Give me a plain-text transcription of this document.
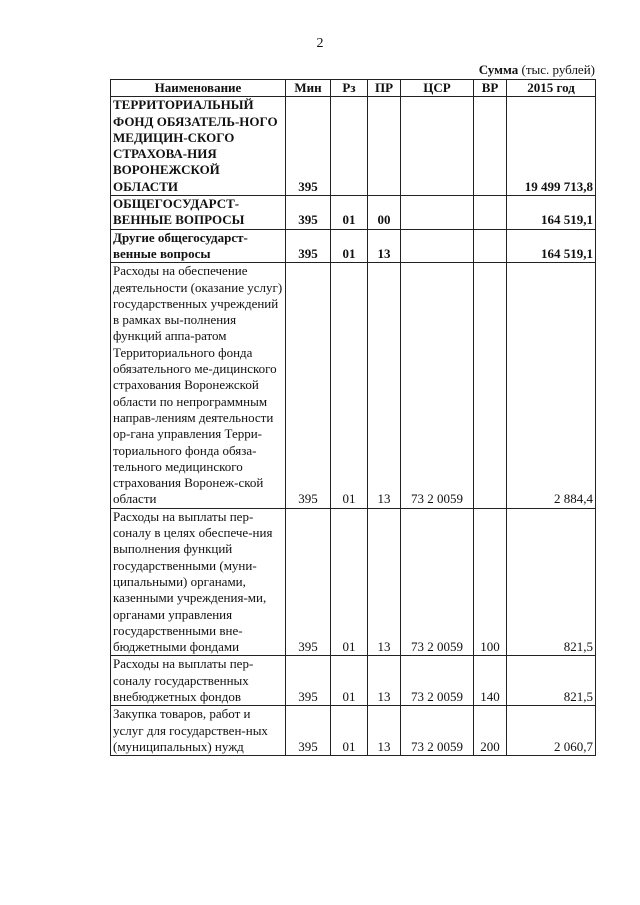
2
Сумма (тыс. рублей)
Наименование	Мин	Рз	ПР	ЦСР	ВР	2015 год
ТЕРРИТОРИАЛЬНЫЙ ФОНД ОБЯЗАТЕЛЬ-НОГО МЕДИЦИН-СКОГО СТРАХОВА-НИЯ ВОРОНЕЖСКОЙ ОБЛАСТИ	395					19 499 713,8
ОБЩЕГОСУДАРСТ-ВЕННЫЕ ВОПРОСЫ	395	01	00			164 519,1
Другие общегосударст-венные вопросы	395	01	13			164 519,1
Расходы на обеспечение деятельности (оказание услуг) государственных учреждений в рамках вы-полнения функций аппа-ратом Территориального фонда обязательного ме-дицинского страхования Воронежской области по непрограммным направ-лениям деятельности ор-гана управления Терри-ториального фонда обяза-тельного медицинского страхования Воронеж-ской области	395	01	13	73 2 0059		2 884,4
Расходы на выплаты пер-соналу в целях обеспече-ния выполнения функций государственными (муни-ципальными) органами, казенными учреждения-ми, органами управления государственными вне-бюджетными фондами	395	01	13	73 2 0059	100	821,5
Расходы на выплаты пер-соналу государственных внебюджетных фондов	395	01	13	73 2 0059	140	821,5
Закупка товаров, работ и услуг для государствен-ных (муниципальных) нужд	395	01	13	73 2 0059	200	2 060,7
